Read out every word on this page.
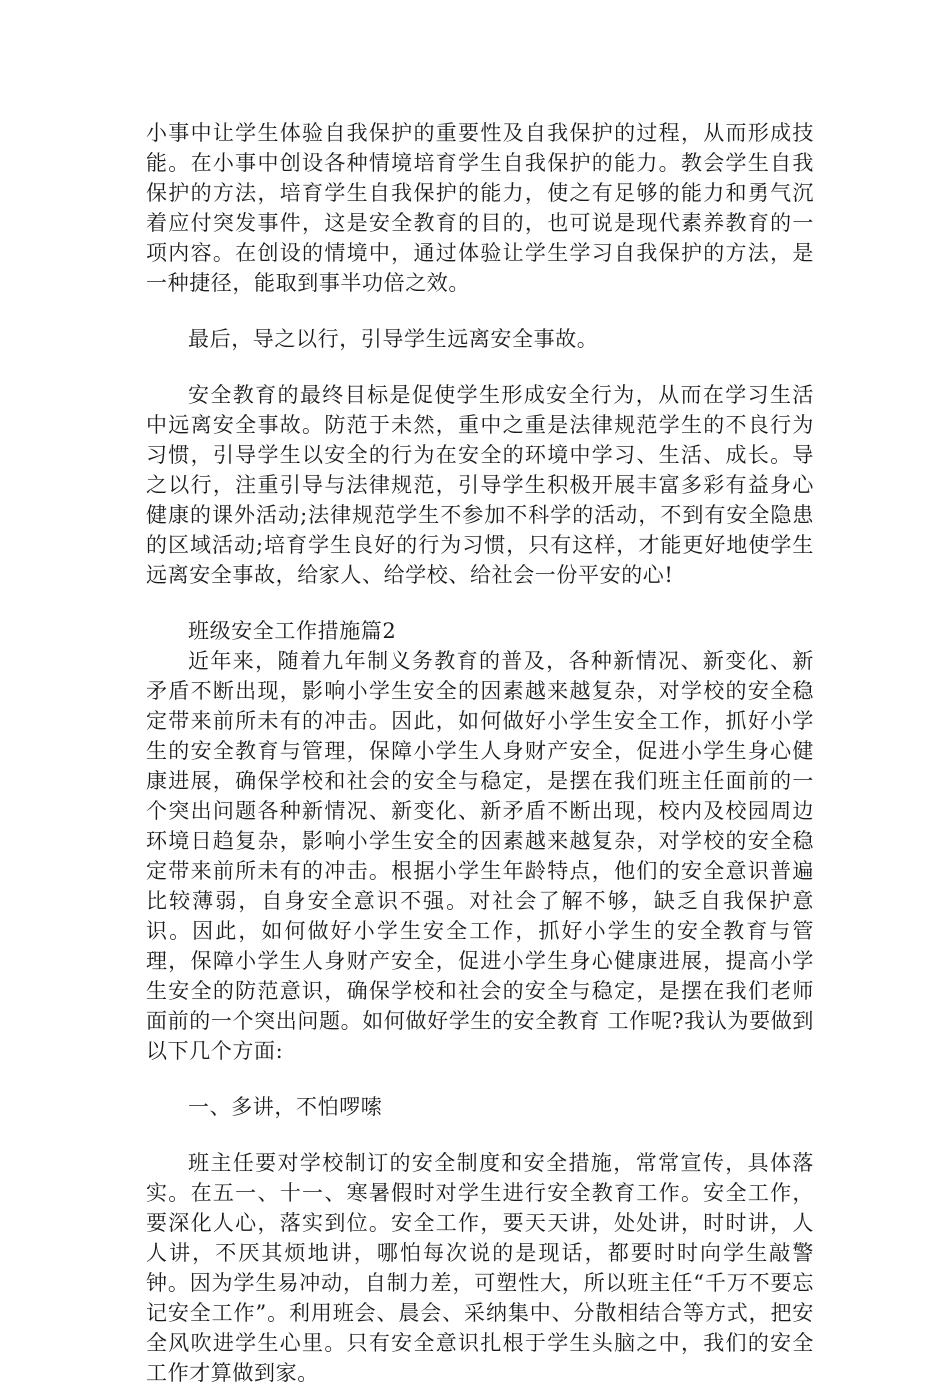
小事中让学生体验自我保护的重要性及自我保护的过程，从而形成技能。在小事中创设各种情境培育学生自我保护的能力。教会学生自我保护的方法，培育学生自我保护的能力，使之有足够的能力和勇气沉着应付突发事件，这是安全教育的目的，也可说是现代素养教育的一项内容。在创设的情境中，通过体验让学生学习自我保护的方法，是一种捷径，能取到事半功倍之效。

最后，导之以行，引导学生远离安全事故。

安全教育的最终目标是促使学生形成安全行为，从而在学习生活中远离安全事故。防范于未然，重中之重是法律规范学生的不良行为习惯，引导学生以安全的行为在安全的环境中学习、生活、成长。导之以行，注重引导与法律规范，引导学生积极开展丰富多彩有益身心健康的课外活动;法律规范学生不参加不科学的活动，不到有安全隐患的区域活动;培育学生良好的行为习惯，只有这样，才能更好地使学生远离安全事故，给家人、给学校、给社会一份平安的心!

班级安全工作措施篇2

近年来，随着九年制义务教育的普及，各种新情况、新变化、新矛盾不断出现，影响小学生安全的因素越来越复杂，对学校的安全稳定带来前所未有的冲击。因此，如何做好小学生安全工作，抓好小学生的安全教育与管理，保障小学生人身财产安全，促进小学生身心健康进展，确保学校和社会的安全与稳定，是摆在我们班主任面前的一个突出问题各种新情况、新变化、新矛盾不断出现，校内及校园周边环境日趋复杂，影响小学生安全的因素越来越复杂，对学校的安全稳定带来前所未有的冲击。根据小学生年龄特点，他们的安全意识普遍比较薄弱，自身安全意识不强。对社会了解不够，缺乏自我保护意识。因此，如何做好小学生安全工作，抓好小学生的安全教育与管理，保障小学生人身财产安全，促进小学生身心健康进展，提高小学生安全的防范意识，确保学校和社会的安全与稳定，是摆在我们老师面前的一个突出问题。如何做好学生的安全教育 工作呢?我认为要做到以下几个方面:

一、多讲，不怕啰嗦

班主任要对学校制订的安全制度和安全措施，常常宣传，具体落实。在五一、十一、寒暑假时对学生进行安全教育工作。安全工作，要深化人心，落实到位。安全工作，要天天讲，处处讲，时时讲，人人讲，不厌其烦地讲，哪怕每次说的是现话，都要时时向学生敲警钟。因为学生易冲动，自制力差，可塑性大，所以班主任“千万不要忘记安全工作”。利用班会、晨会、采纳集中、分散相结合等方式，把安全风吹进学生心里。只有安全意识扎根于学生头脑之中，我们的安全工作才算做到家。
